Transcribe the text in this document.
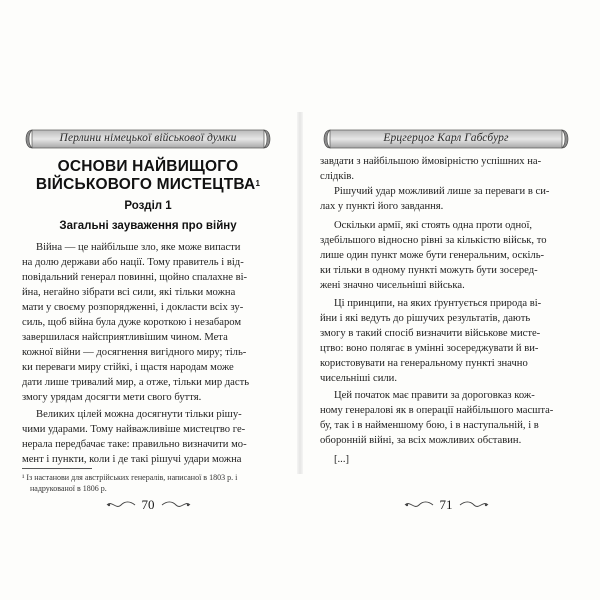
Перлини німецької військової думки
ОСНОВИ НАЙВИЩОГО
ВІЙСЬКОВОГО МИСТЕЦТВА$^1$
Розділ 1
Загальні зауваження про війну
Війна — це найбільше зло, яке може випасти
на долю держави або нації. Тому правитель і від-
повідальний генерал повинні, щойно спалахне ві-
йна, негайно зібрати всі сили, які тільки можна
мати у своєму розпорядженні, і докласти всіх зу-
силь, щоб війна була дуже короткою і незабаром
завершилася найсприятливішим чином. Мета
кожної війни — досягнення вигідного миру; тіль-
ки переваги миру стійкі, і щастя народам може
дати лише тривалий мир, а отже, тільки мир дасть
змогу урядам досягти мети свого буття.
Великих цілей можна досягнути тільки рішу-
чими ударами. Тому найважливіше мистецтво ге-
нерала передбачає таке: правильно визначити мо-
мент і пункти, коли і де такі рішучі удари можна
¹ Із настанови для австрійських генералів, написаної в 1803 р. і
надрукованої в 1806 р.
70
Ерцгерцог Карл Габсбург
завдати з найбільшою ймовірністю успішних на-
слідків.
Рішучий удар можливий лише за переваги в си-
лах у пункті його завдання.
Оскільки армії, які стоять одна проти одної,
здебільшого відносно рівні за кількістю військ, то
лише один пункт може бути генеральним, оскіль-
ки тільки в одному пункті можуть бути зосеред-
жені значно чисельніші війська.
Ці принципи, на яких ґрунтується природа ві-
йни і які ведуть до рішучих результатів, дають
змогу в такий спосіб визначити військове мисте-
цтво: воно полягає в умінні зосереджувати й ви-
користовувати на генеральному пункті значно
чисельніші сили.
Цей початок має правити за дороговказ кож-
ному генералові як в операції найбільшого масшта-
бу, так і в найменшому бою, і в наступальній, і в
оборонній війні, за всіх можливих обставин.
[...]
71
